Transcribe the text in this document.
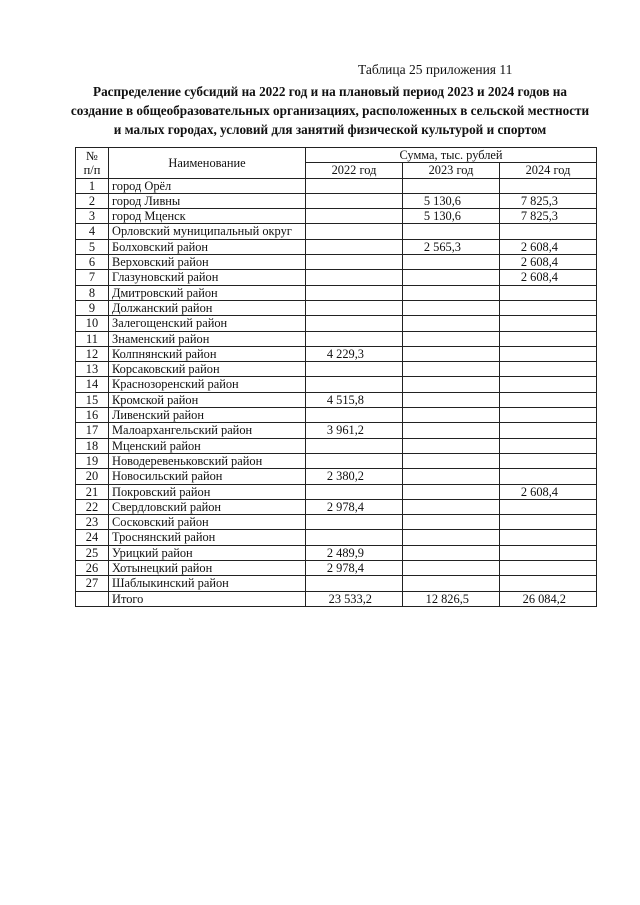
Таблица 25 приложения 11
Распределение субсидий на 2022 год и на плановый период 2023 и 2024 годов на
создание в общеобразовательных организациях, расположенных в сельской местности
и малых городах, условий для занятий физической культурой и спортом
№
п/п	Наименование	Сумма, тыс. рублей		
		2022 год	2023 год	2024 год
1	город Орёл			
2	город Ливны		5 130,6	7 825,3
3	город Мценск		5 130,6	7 825,3
4	Орловский муниципальный округ			
5	Болховский район		2 565,3	2 608,4
6	Верховский район			2 608,4
7	Глазуновский район			2 608,4
8	Дмитровский район			
9	Должанский район			
10	Залегощенский район			
11	Знаменский район			
12	Колпнянский район	4 229,3		
13	Корсаковский район			
14	Краснозоренский район			
15	Кромской район	4 515,8		
16	Ливенский район			
17	Малоархангельский район	3 961,2		
18	Мценский район			
19	Новодеревеньковский район			
20	Новосильский район	2 380,2		
21	Покровский район			2 608,4
22	Свердловский район	2 978,4		
23	Сосковский район			
24	Троснянский район			
25	Урицкий район	2 489,9		
26	Хотынецкий район	2 978,4		
27	Шаблыкинский район			
	Итого	23 533,2	12 826,5	26 084,2
